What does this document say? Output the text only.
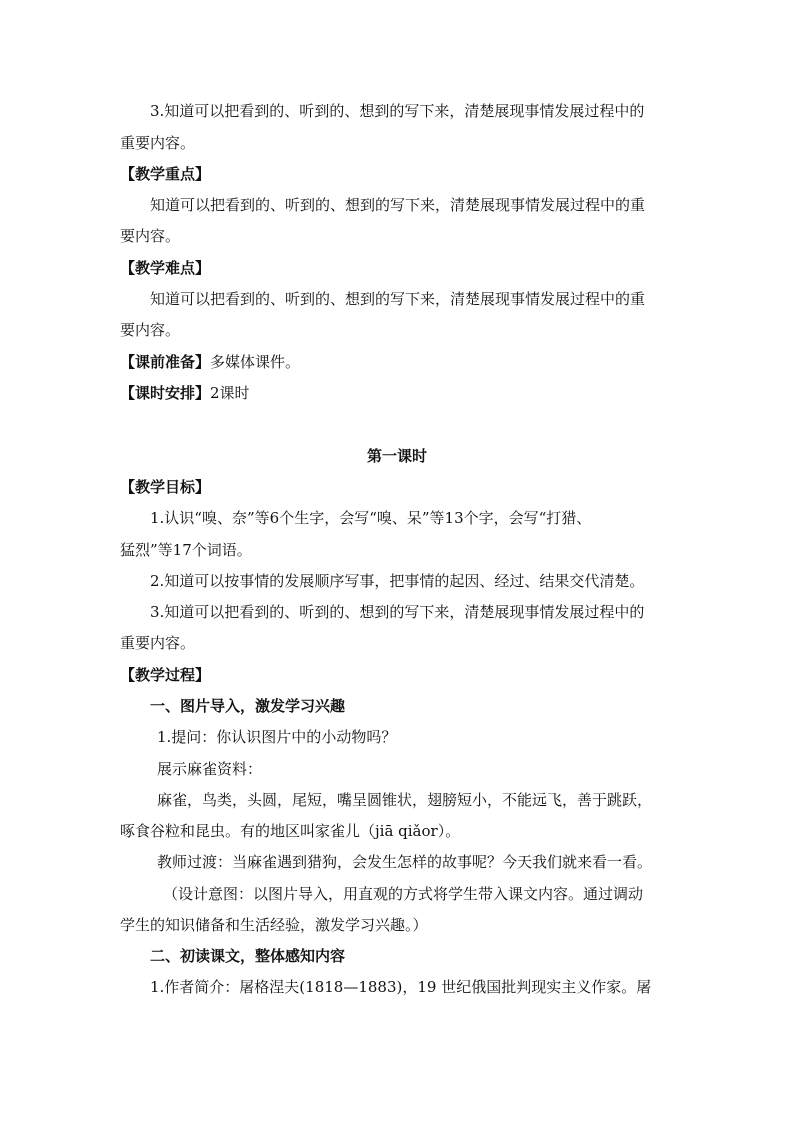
3.知道可以把看到的、听到的、想到的写下来，清楚展现事情发展过程中的
重要内容。
【教学重点】
知道可以把看到的、听到的、想到的写下来，清楚展现事情发展过程中的重
要内容。
【教学难点】
知道可以把看到的、听到的、想到的写下来，清楚展现事情发展过程中的重
要内容。
【课前准备】多媒体课件。
【课时安排】2课时
第一课时
【教学目标】
1.认识“嗅、奈”等6个生字，会写“嗅、呆”等13个字，会写“打猎、
猛烈”等17个词语。
2.知道可以按事情的发展顺序写事，把事情的起因、经过、结果交代清楚。
3.知道可以把看到的、听到的、想到的写下来，清楚展现事情发展过程中的
重要内容。
【教学过程】
一、图片导入，激发学习兴趣
1.提问：你认识图片中的小动物吗？
展示麻雀资料：
麻雀，鸟类，头圆，尾短，嘴呈圆锥状，翅膀短小，不能远飞，善于跳跃，
啄食谷粒和昆虫。有的地区叫家雀儿（jiā qiǎor）。
教师过渡：当麻雀遇到猎狗，会发生怎样的故事呢？今天我们就来看一看。
（设计意图：以图片导入，用直观的方式将学生带入课文内容。通过调动
学生的知识储备和生活经验，激发学习兴趣。）
二、初读课文，整体感知内容
1.作者简介：屠格涅夫(1818—1883)，19 世纪俄国批判现实主义作家。屠
